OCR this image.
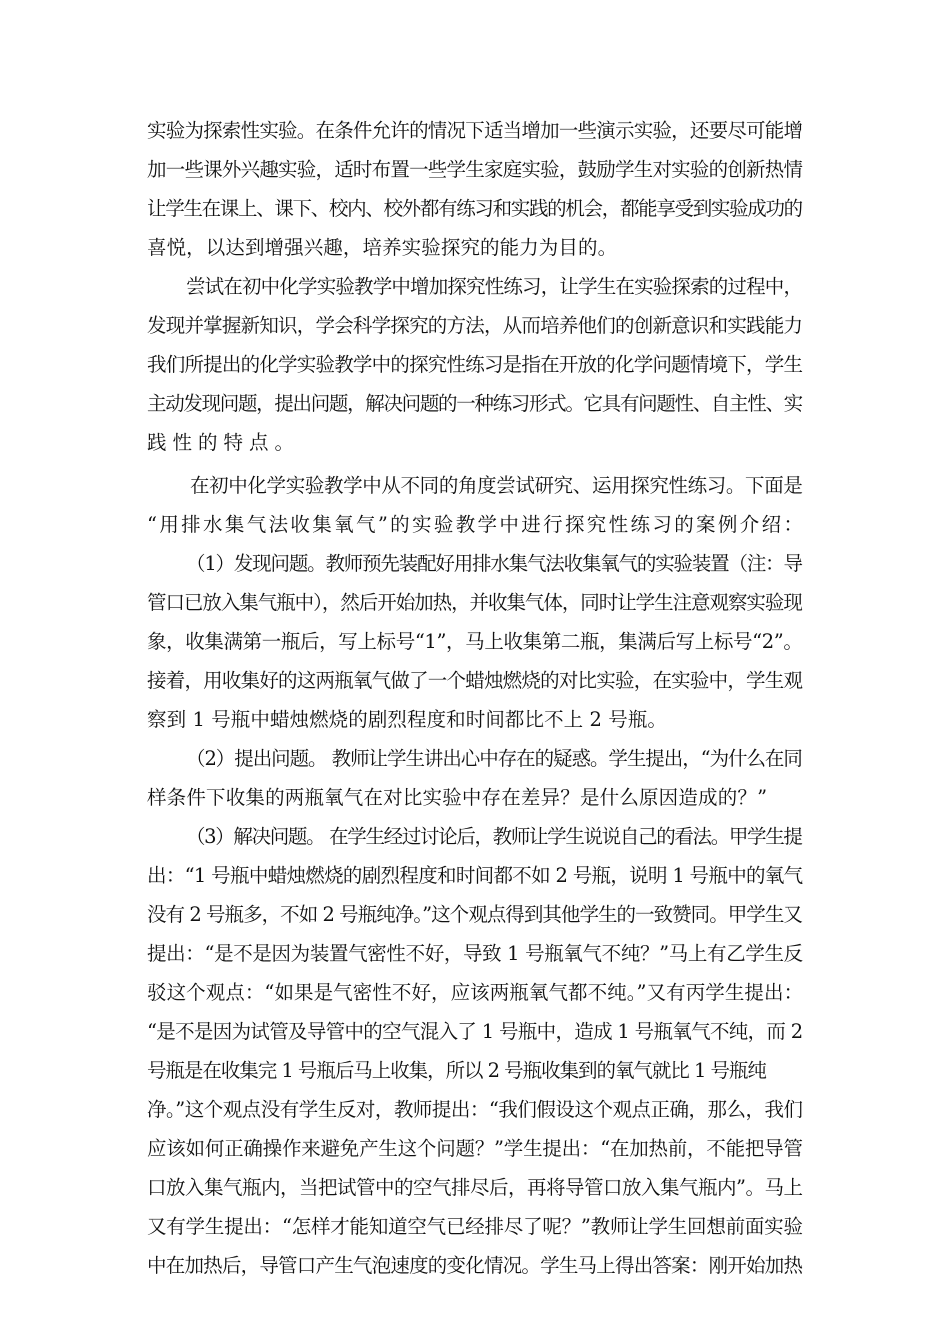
实验为探索性实验。在条件允许的情况下适当增加一些演示实验，还要尽可能增
加一些课外兴趣实验，适时布置一些学生家庭实验，鼓励学生对实验的创新热情
让学生在课上、课下、校内、校外都有练习和实践的机会，都能享受到实验成功的
喜悦，以达到增强兴趣，培养实验探究的能力为目的。
尝试在初中化学实验教学中增加探究性练习，让学生在实验探索的过程中，
发现并掌握新知识，学会科学探究的方法，从而培养他们的创新意识和实践能力
我们所提出的化学实验教学中的探究性练习是指在开放的化学问题情境下，学生
主动发现问题，提出问题，解决问题的一种练习形式。它具有问题性、自主性、实
践性的特点。
在初中化学实验教学中从不同的角度尝试研究、运用探究性练习。下面是
“用排水集气法收集氧气”的实验教学中进行探究性练习的案例介绍：
（1）发现问题。教师预先装配好用排水集气法收集氧气的实验装置（注：导
管口已放入集气瓶中），然后开始加热，并收集气体，同时让学生注意观察实验现
象，收集满第一瓶后，写上标号“1”，马上收集第二瓶，集满后写上标号“2”。
接着，用收集好的这两瓶氧气做了一个蜡烛燃烧的对比实验，在实验中，学生观
察到 1 号瓶中蜡烛燃烧的剧烈程度和时间都比不上 2 号瓶。
（2）提出问题。 教师让学生讲出心中存在的疑惑。学生提出，“为什么在同
样条件下收集的两瓶氧气在对比实验中存在差异？是什么原因造成的？”
（3）解决问题。 在学生经过讨论后，教师让学生说说自己的看法。甲学生提
出：“1 号瓶中蜡烛燃烧的剧烈程度和时间都不如 2 号瓶，说明 1 号瓶中的氧气
没有 2 号瓶多，不如 2 号瓶纯净。”这个观点得到其他学生的一致赞同。甲学生又
提出：“是不是因为装置气密性不好，导致 1 号瓶氧气不纯？”马上有乙学生反
驳这个观点：“如果是气密性不好，应该两瓶氧气都不纯。”又有丙学生提出：
“是不是因为试管及导管中的空气混入了 1 号瓶中，造成 1 号瓶氧气不纯，而 2
号瓶是在收集完 1 号瓶后马上收集，所以 2 号瓶收集到的氧气就比 1 号瓶纯
净。”这个观点没有学生反对，教师提出：“我们假设这个观点正确，那么，我们
应该如何正确操作来避免产生这个问题？”学生提出：“在加热前，不能把导管
口放入集气瓶内，当把试管中的空气排尽后，再将导管口放入集气瓶内”。马上
又有学生提出：“怎样才能知道空气已经排尽了呢？”教师让学生回想前面实验
中在加热后，导管口产生气泡速度的变化情况。学生马上得出答案：刚开始加热
